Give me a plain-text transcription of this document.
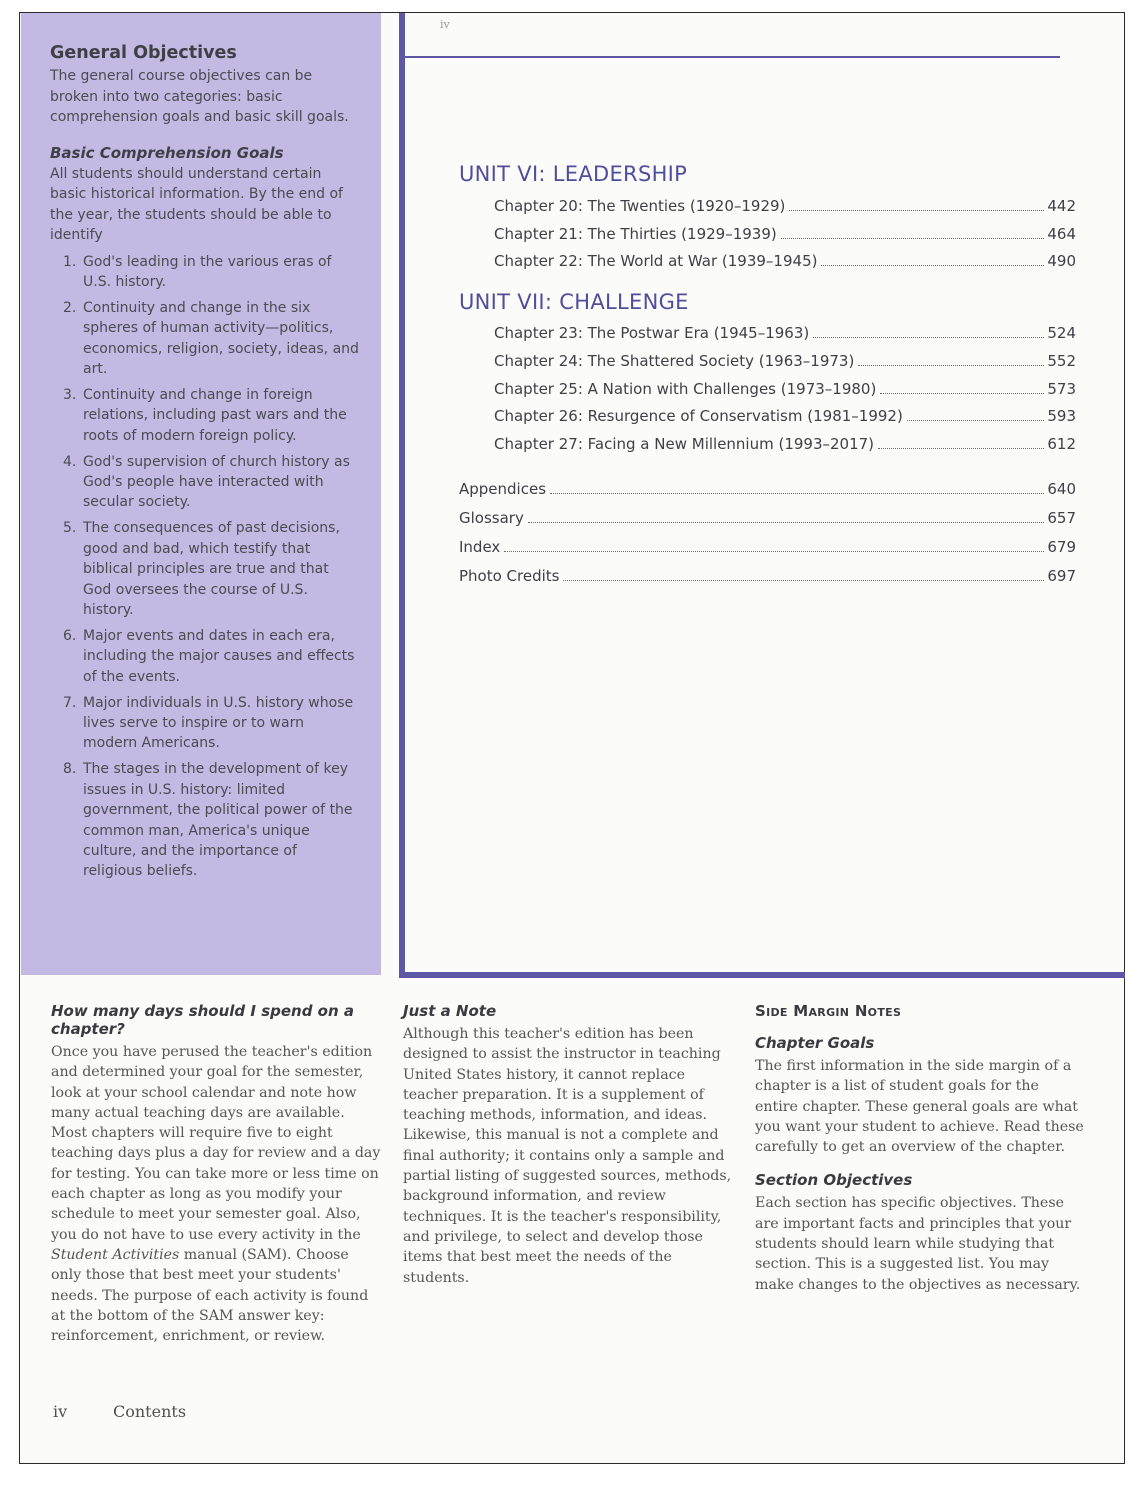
General Objectives

The general course objectives can be broken into two categories: basic comprehension goals and basic skill goals.

Basic Comprehension Goals

All students should understand certain basic historical information. By the end of the year, the students should be able to identify

1. God's leading in the various eras of U.S. history.
2. Continuity and change in the six spheres of human activity—politics, economics, religion, society, ideas, and art.
3. Continuity and change in foreign relations, including past wars and the roots of modern foreign policy.
4. God's supervision of church history as God's people have interacted with secular society.
5. The consequences of past decisions, good and bad, which testify that biblical principles are true and that God oversees the course of U.S. history.
6. Major events and dates in each era, including the major causes and effects of the events.
7. Major individuals in U.S. history whose lives serve to inspire or to warn modern Americans.
8. The stages in the development of key issues in U.S. history: limited government, the political power of the common man, America's unique culture, and the importance of religious beliefs.
iv
UNIT VI: LEADERSHIP
Chapter 20: The Twenties (1920–1929)	442
Chapter 21: The Thirties (1929–1939)	464
Chapter 22: The World at War (1939–1945)	490
UNIT VII: CHALLENGE
Chapter 23: The Postwar Era (1945–1963)	524
Chapter 24: The Shattered Society (1963–1973)	552
Chapter 25: A Nation with Challenges (1973–1980)	573
Chapter 26: Resurgence of Conservatism (1981–1992)	593
Chapter 27: Facing a New Millennium (1993–2017)	612
Appendices	640
Glossary	657
Index	679
Photo Credits	697

How many days should I spend on a chapter?

Once you have perused the teacher's edition and determined your goal for the semester, look at your school calendar and note how many actual teaching days are available. Most chapters will require five to eight teaching days plus a day for review and a day for testing. You can take more or less time on each chapter as long as you modify your schedule to meet your semester goal. Also, you do not have to use every activity in the Student Activities manual (SAM). Choose only those that best meet your students' needs. The purpose of each activity is found at the bottom of the SAM answer key: reinforcement, enrichment, or review.

Just a Note

Although this teacher's edition has been designed to assist the instructor in teaching United States history, it cannot replace teacher preparation. It is a supplement of teaching methods, information, and ideas. Likewise, this manual is not a complete and final authority; it contains only a sample and partial listing of suggested sources, methods, background information, and review techniques. It is the teacher's responsibility, and privilege, to select and develop those items that best meet the needs of the students.

Side Margin Notes

Chapter Goals

The first information in the side margin of a chapter is a list of student goals for the entire chapter. These general goals are what you want your student to achieve. Read these carefully to get an overview of the chapter.

Section Objectives

Each section has specific objectives. These are important facts and principles that your students should learn while studying that section. This is a suggested list. You may make changes to the objectives as necessary.

iv	Contents
